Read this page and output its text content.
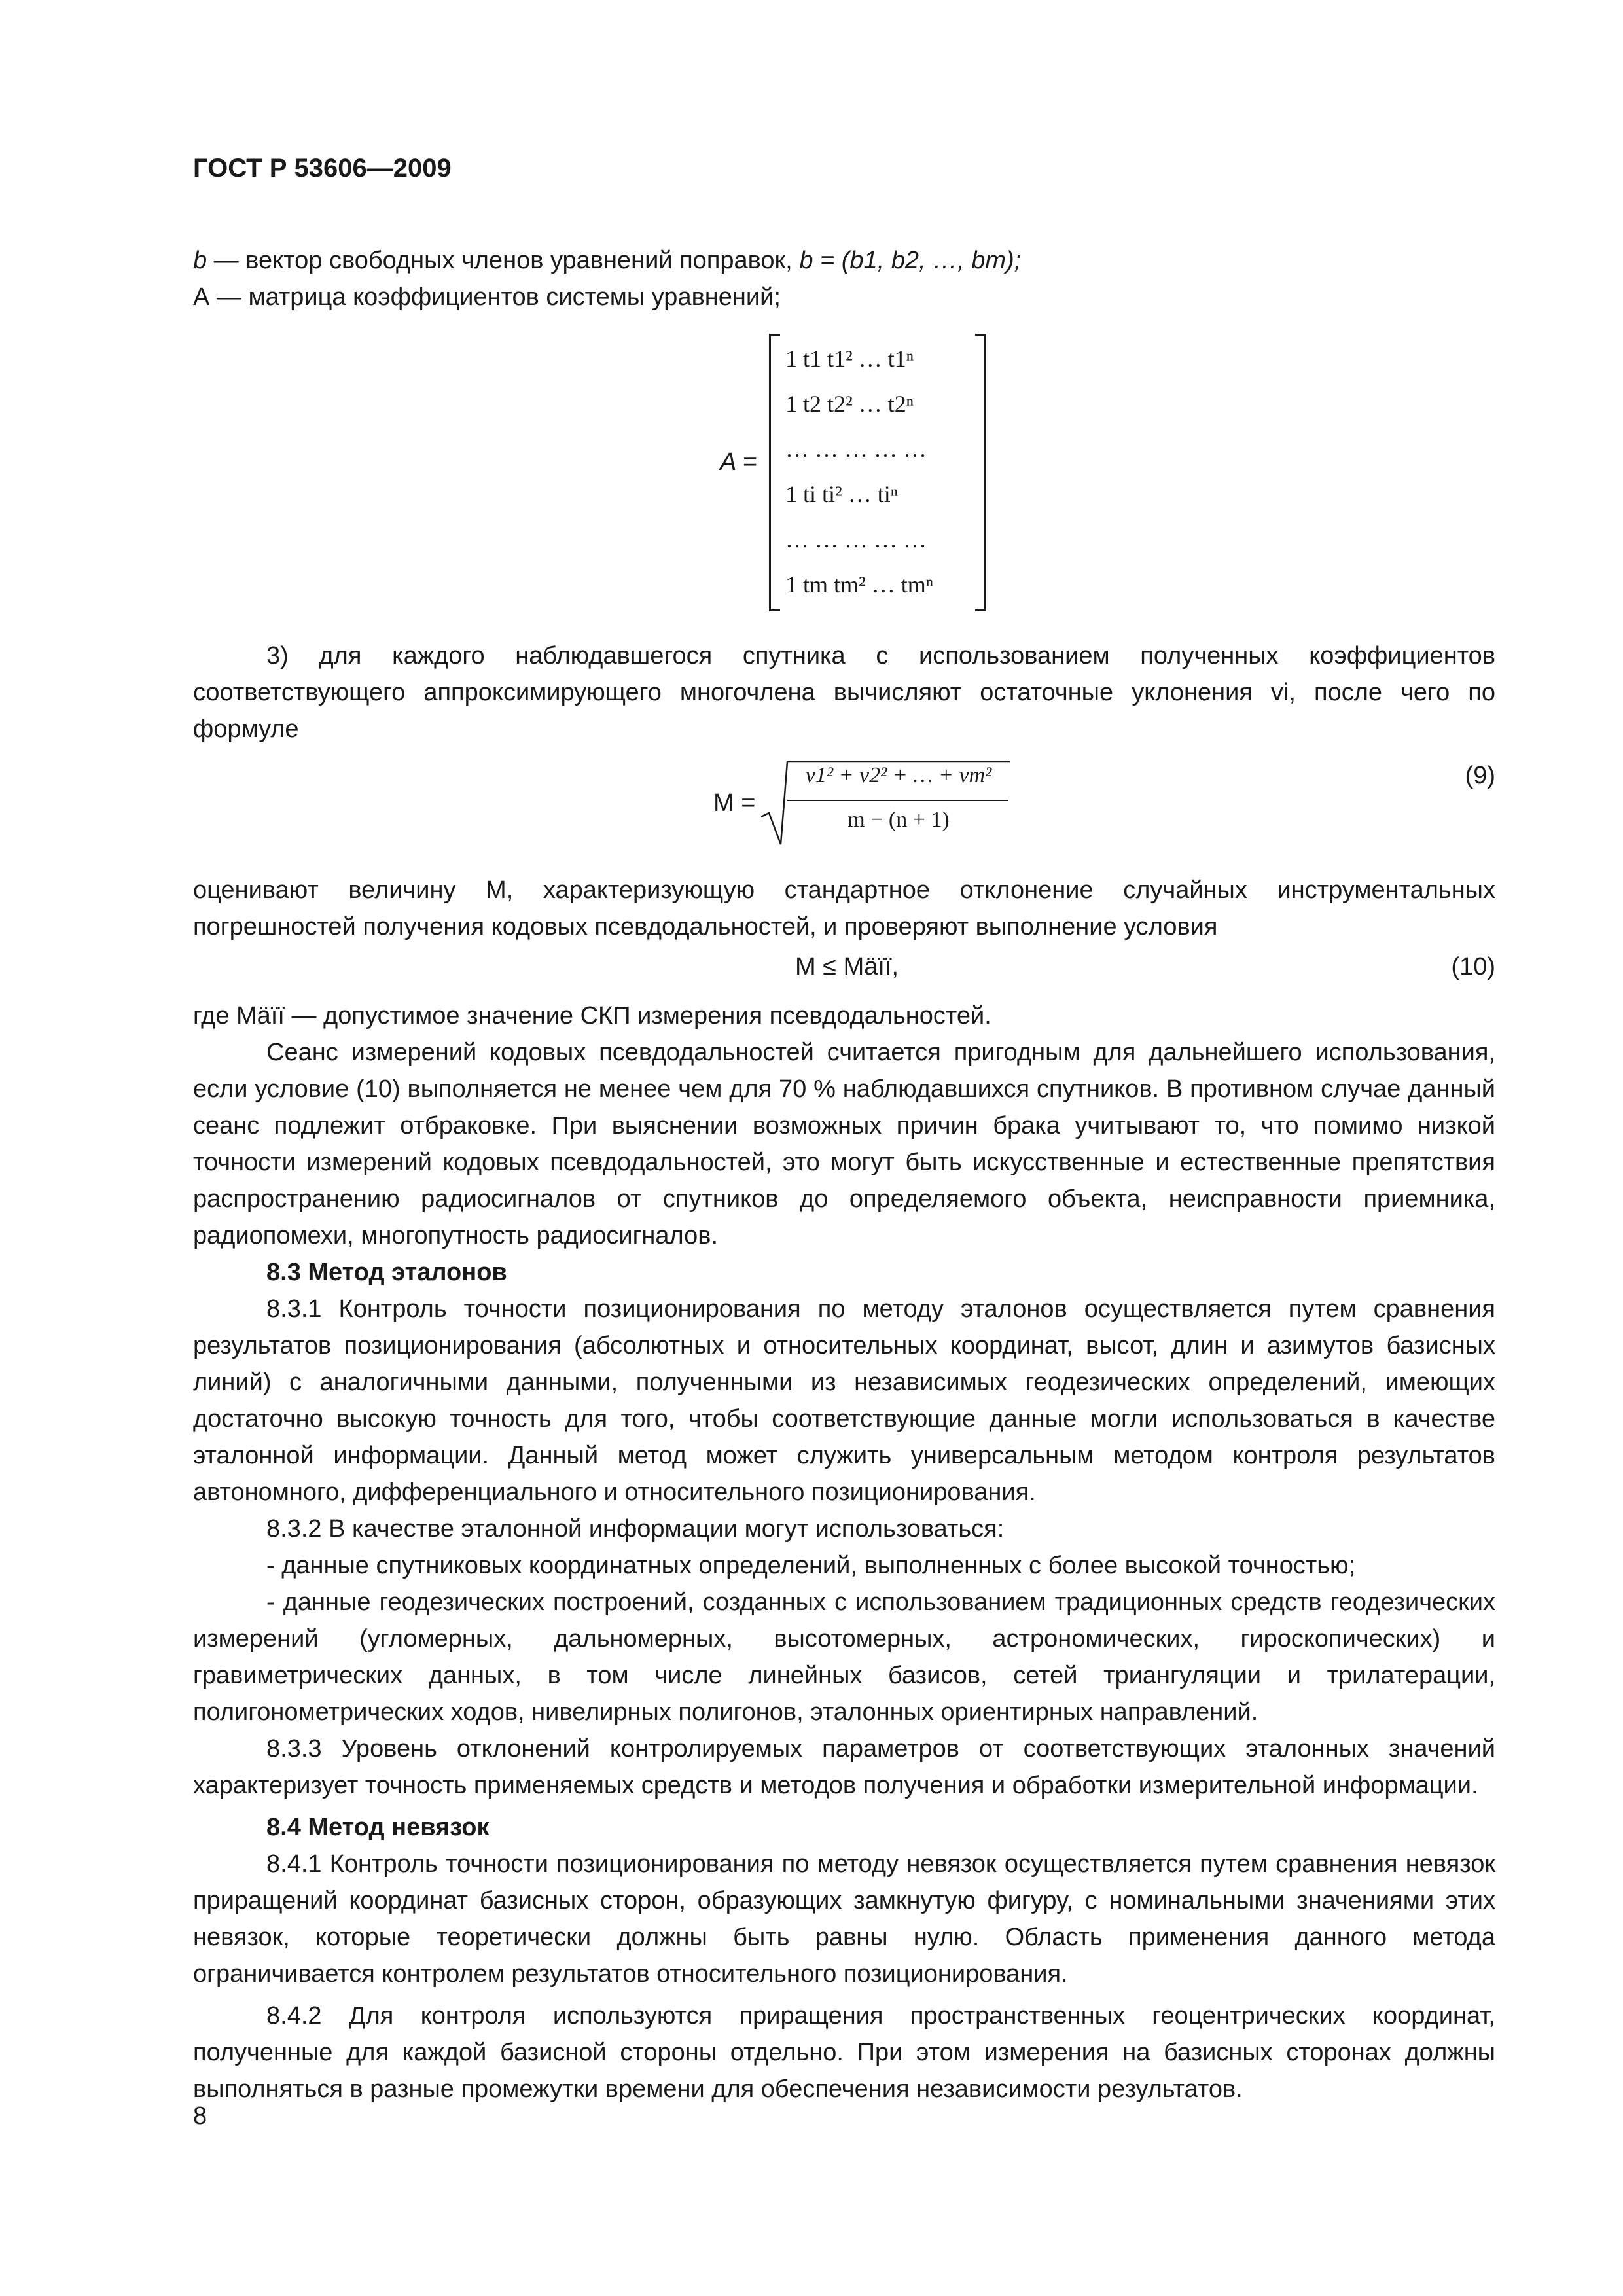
ГОСТ Р 53606—2009
b — вектор свободных членов уравнений поправок, b = (b1, b2, …, bm);
А — матрица коэффициентов системы уравнений;
A =
1 t1 t1² … t1ⁿ
1 t2 t2² … t2ⁿ
… … … … …
1 ti ti² … tiⁿ
… … … … …
1 tm tm² … tmⁿ

3) для каждого наблюдавшегося спутника с использованием полученных коэффициентов соответствующего аппроксимирующего многочлена вычисляют остаточные уклонения vi, после чего по формуле

M =
v1² + v2² + … + vm²
m − (n + 1)
(9)

оценивают величину М, характеризующую стандартное отклонение случайных инструментальных погрешностей получения кодовых псевдодальностей, и проверяют выполнение условия

M ≤ Mäïï,	(10)

где Мäïï — допустимое значение СКП измерения псевдодальностей.

Сеанс измерений кодовых псевдодальностей считается пригодным для дальнейшего использования, если условие (10) выполняется не менее чем для 70 % наблюдавшихся спутников. В противном случае данный сеанс подлежит отбраковке. При выяснении возможных причин брака учитывают то, что помимо низкой точности измерений кодовых псевдодальностей, это могут быть искусственные и естественные препятствия распространению радиосигналов от спутников до определяемого объекта, неисправности приемника, радиопомехи, многопутность радиосигналов.

8.3 Метод эталонов

8.3.1 Контроль точности позиционирования по методу эталонов осуществляется путем сравнения результатов позиционирования (абсолютных и относительных координат, высот, длин и азимутов базисных линий) с аналогичными данными, полученными из независимых геодезических определений, имеющих достаточно высокую точность для того, чтобы соответствующие данные могли использоваться в качестве эталонной информации. Данный метод может служить универсальным методом контроля результатов автономного, дифференциального и относительного позиционирования.

8.3.2 В качестве эталонной информации могут использоваться:

- данные спутниковых координатных определений, выполненных с более высокой точностью;

- данные геодезических построений, созданных с использованием традиционных средств геодезических измерений (угломерных, дальномерных, высотомерных, астрономических, гироскопических) и гравиметрических данных, в том числе линейных базисов, сетей триангуляции и трилатерации, полигонометрических ходов, нивелирных полигонов, эталонных ориентирных направлений.

8.3.3 Уровень отклонений контролируемых параметров от соответствующих эталонных значений характеризует точность применяемых средств и методов получения и обработки измерительной информации.

8.4 Метод невязок

8.4.1 Контроль точности позиционирования по методу невязок осуществляется путем сравнения невязок приращений координат базисных сторон, образующих замкнутую фигуру, с номинальными значениями этих невязок, которые теоретически должны быть равны нулю. Область применения данного метода ограничивается контролем результатов относительного позиционирования.

8.4.2 Для контроля используются приращения пространственных геоцентрических координат, полученные для каждой базисной стороны отдельно. При этом измерения на базисных сторонах должны выполняться в разные промежутки времени для обеспечения независимости результатов.

8
